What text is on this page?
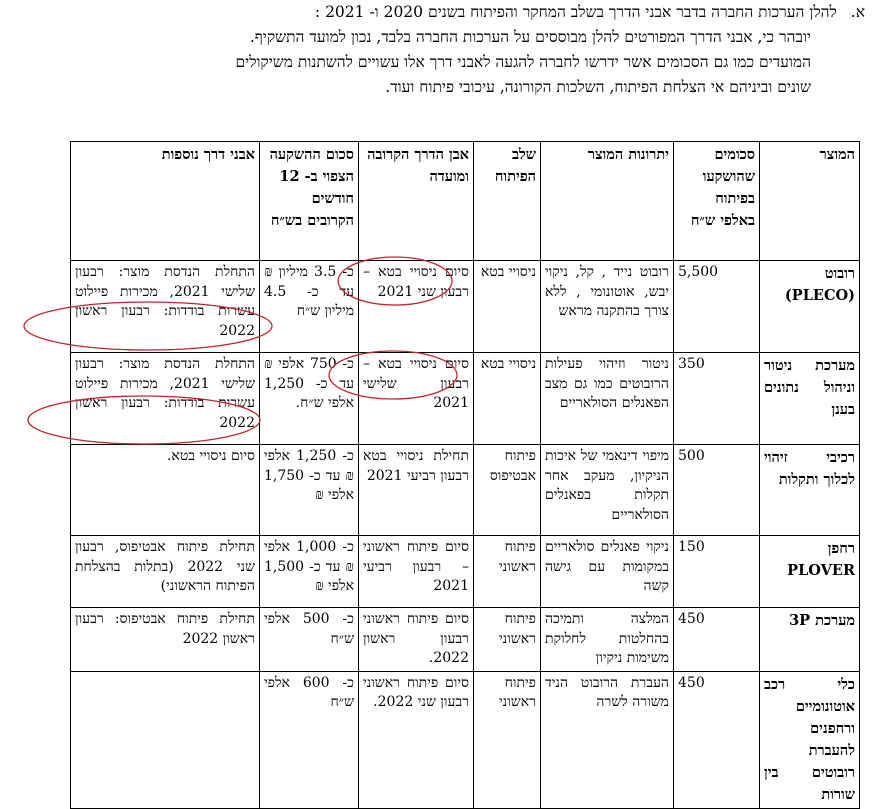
א.להלן הערכות החברה בדבר אבני הדרך בשלב המחקר והפיתוח בשנים 2020 ו- 2021 :
יובהר כי, אבני הדרך המפורטים להלן מבוססים על הערכות החברה בלבד, נכון למועד התשקיף.
המועדים כמו גם הסכומים אשר ידרשו לחברה להגעה לאבני דרך אלו עשויים להשתנות משיקולים
שונים וביניהם אי הצלחת הפיתוח, השלכות הקורונה, עיכובי פיתוח ועוד.
המוצר	סכומים שהושקעו בפיתוח באלפי ש״ח	יתרונות המוצר	שלב הפיתוח	אבן הדרך הקרובה ומועדה	סכום ההשקעה הצפוי ב- 12 חודשים הקרובים בש״ח	אבני דרך נוספות
רובוט (PLECO)	5,500	רובוט נייד , קל, ניקוי יבש, אוטונומי , ללא צורך בהתקנה מראש	ניסויי בטא	סיום ניסויי בטא – רבעון שני 2021	כ- 3.5 מיליון ₪ עד כ- 4.5 מיליון ש״ח	התחלת הנדסת מוצר: רבעון שלישי 2021, מכירות פיילוט עשרות בודדות: רבעון ראשון 2022
מערכת ניטור וניהול נתונים בענן	350	ניטור וזיהוי פעילות הרובוטים כמו גם מצב הפאנלים הסולאריים	ניסויי בטא	סיום ניסויי בטא – רבעון שלישי 2021	כ- 750 אלפי ₪ עד כ- 1,250 אלפי ש״ח.	התחלת הנדסת מוצר: רבעון שלישי 2021, מכירות פיילוט עשרות בודדות: רבעון ראשון 2022
רכיבי זיהוי לכלוך ותקלות	500	מיפוי דינאמי של איכות הניקיון, מעקב אחר תקלות בפאנלים הסולאריים	פיתוח אבטיפוס	תחילת ניסויי בטא רבעון רביעי 2021	כ- 1,250 אלפי ₪ עד כ- 1,750 אלפי ₪	סיום ניסויי בטא.
רחפן PLOVER	150	ניקוי פאנלים סולאריים במקומות עם גישה קשה	פיתוח ראשוני	סיום פיתוח ראשוני – רבעון רביעי 2021	כ- 1,000 אלפי ₪ עד כ- 1,500 אלפי ₪	תחילת פיתוח אבטיפוס, רבעון שני 2022 (בתלות בהצלחת הפיתוח הראשוני)
מערכת 3P	450	המלצה ותמיכה בהחלטות לחלוקת משימות ניקיון	פיתוח ראשוני	סיום פיתוח ראשוני רבעון ראשון 2022.	כ- 500 אלפי ש״ח	תחילת פיתוח אבטיפוס: רבעון ראשון 2022
כלי רכב אוטונומיים ורחפנים להעברת רובוטים בין שורות	450	העברת הרובוט הניד משורה לשרה	פיתוח ראשוני	סיום פיתוח ראשוני רבעון שני 2022.	כ- 600 אלפי ש״ח	
